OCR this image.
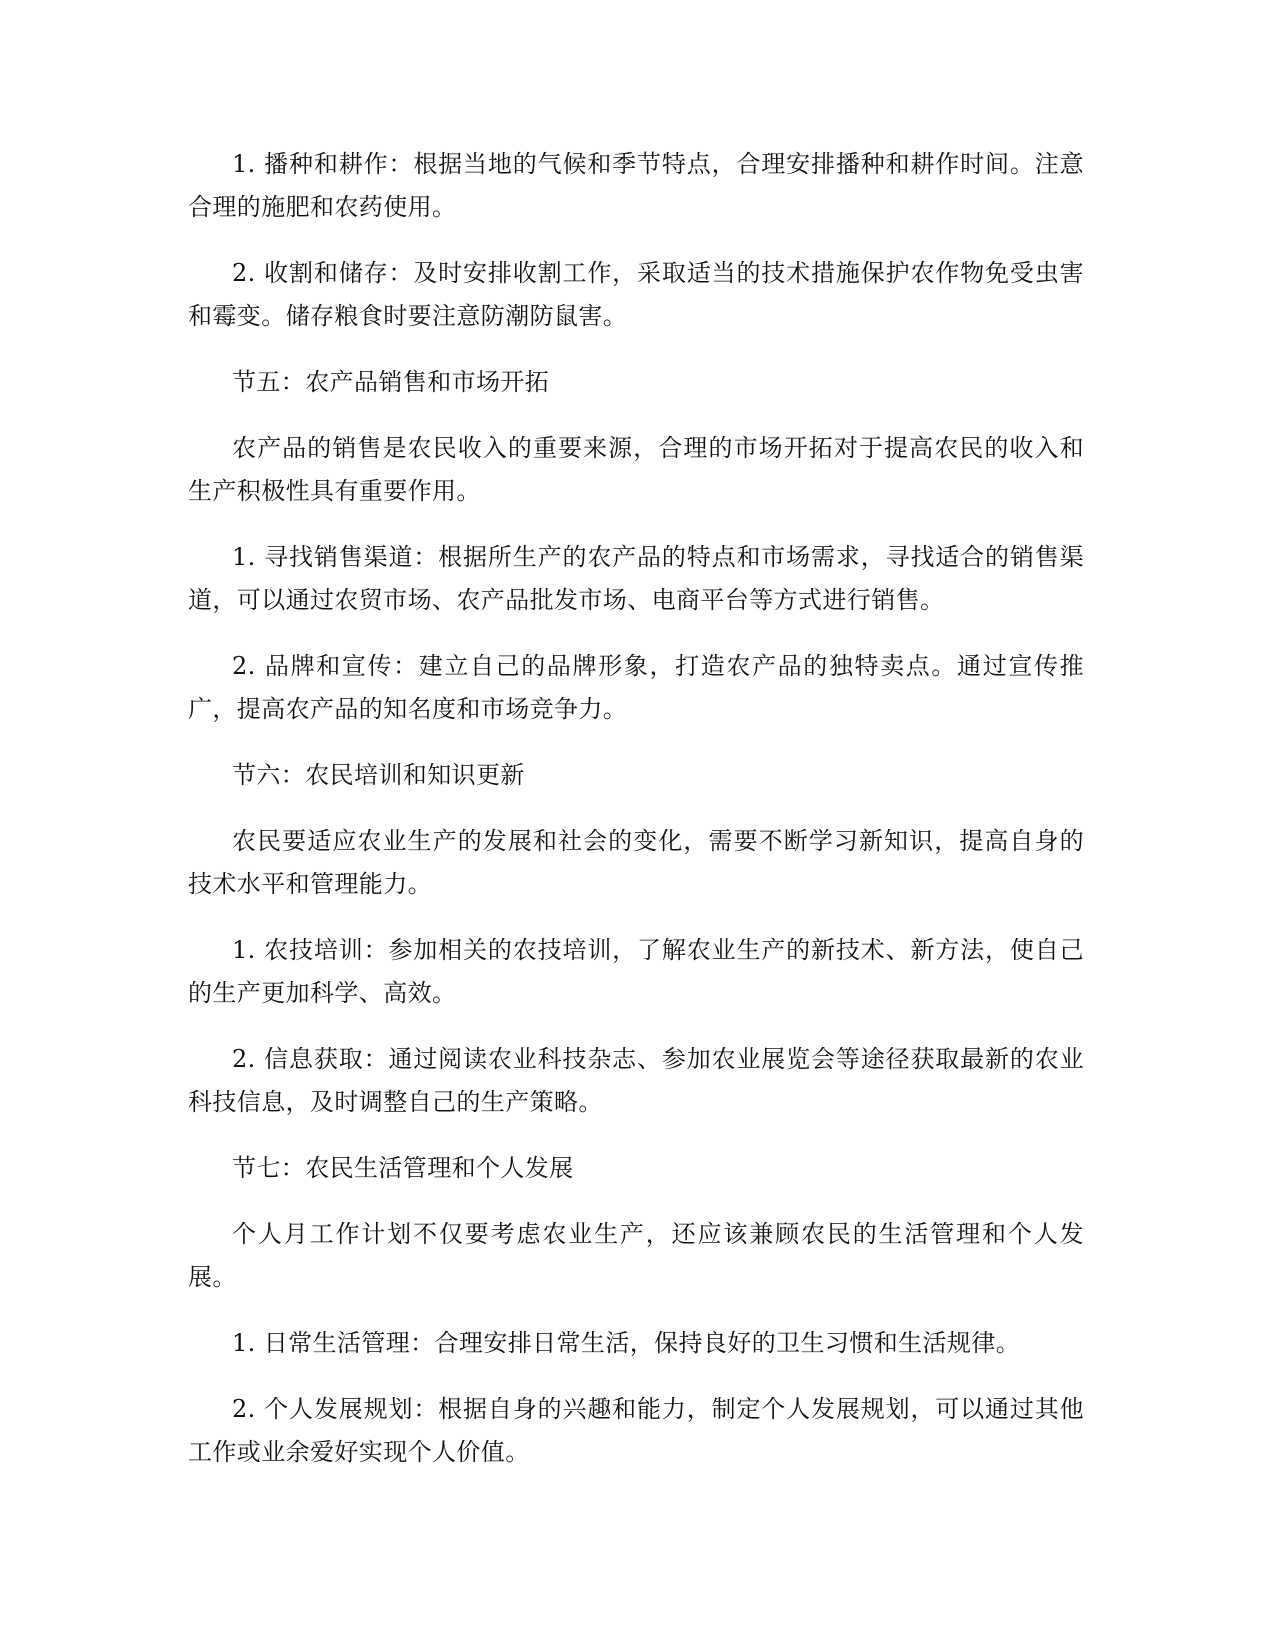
1. 播种和耕作：根据当地的气候和季节特点，合理安排播种和耕作时间。注意合理的施肥和农药使用。

2. 收割和储存：及时安排收割工作，采取适当的技术措施保护农作物免受虫害和霉变。储存粮食时要注意防潮防鼠害。

节五：农产品销售和市场开拓

农产品的销售是农民收入的重要来源，合理的市场开拓对于提高农民的收入和生产积极性具有重要作用。

1. 寻找销售渠道：根据所生产的农产品的特点和市场需求，寻找适合的销售渠道，可以通过农贸市场、农产品批发市场、电商平台等方式进行销售。

2. 品牌和宣传：建立自己的品牌形象，打造农产品的独特卖点。通过宣传推广，提高农产品的知名度和市场竞争力。

节六：农民培训和知识更新

农民要适应农业生产的发展和社会的变化，需要不断学习新知识，提高自身的技术水平和管理能力。

1. 农技培训：参加相关的农技培训，了解农业生产的新技术、新方法，使自己的生产更加科学、高效。

2. 信息获取：通过阅读农业科技杂志、参加农业展览会等途径获取最新的农业科技信息，及时调整自己的生产策略。

节七：农民生活管理和个人发展

个人月工作计划不仅要考虑农业生产，还应该兼顾农民的生活管理和个人发展。

1. 日常生活管理：合理安排日常生活，保持良好的卫生习惯和生活规律。

2. 个人发展规划：根据自身的兴趣和能力，制定个人发展规划，可以通过其他工作或业余爱好实现个人价值。
